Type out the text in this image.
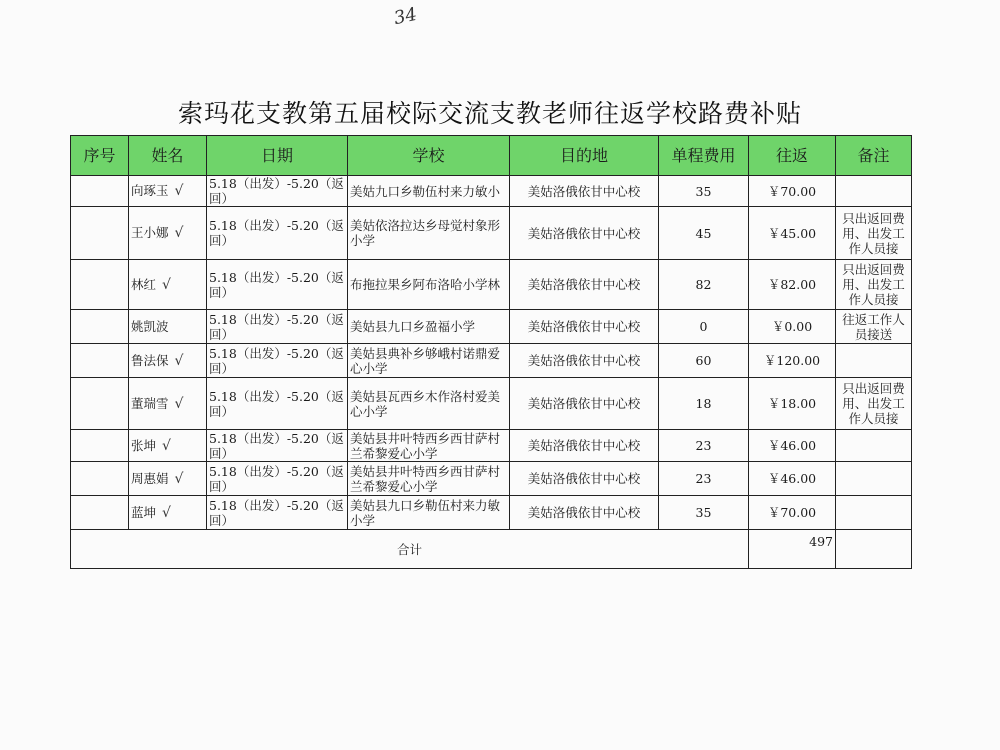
34
索玛花支教第五届校际交流支教老师往返学校路费补贴
序号	姓名	日期	学校	目的地	单程费用	往返	备注
	向琢玉 √	5.18（出发）-5.20（返回）	美姑九口乡勒伍村来力敏小	美姑洛俄依甘中心校	35	￥70.00	
	王小娜 √	5.18（出发）-5.20（返回）	美姑依洛拉达乡母觉村象形小学	美姑洛俄依甘中心校	45	￥45.00	只出返回费用、出发工作人员接
	林红 √	5.18（出发）-5.20（返回）	布拖拉果乡阿布洛哈小学林	美姑洛俄依甘中心校	82	￥82.00	只出返回费用、出发工作人员接
	姚凯波	5.18（出发）-5.20（返回）	美姑县九口乡盈福小学	美姑洛俄依甘中心校	0	￥0.00	往返工作人员接送
	鲁法保 √	5.18（出发）-5.20（返回）	美姑县典补乡够峨村诺鼎爱心小学	美姑洛俄依甘中心校	60	￥120.00	
	董瑞雪 √	5.18（出发）-5.20（返回）	美姑县瓦西乡木作洛村爱美心小学	美姑洛俄依甘中心校	18	￥18.00	只出返回费用、出发工作人员接
	张坤 √	5.18（出发）-5.20（返回）	美姑县井叶特西乡西甘萨村兰希黎爱心小学	美姑洛俄依甘中心校	23	￥46.00	
	周惠娟 √	5.18（出发）-5.20（返回）	美姑县井叶特西乡西甘萨村兰希黎爱心小学	美姑洛俄依甘中心校	23	￥46.00	
	蓝坤 √	5.18（出发）-5.20（返回）	美姑县九口乡勒伍村来力敏小学	美姑洛俄依甘中心校	35	￥70.00	
合计						497	
